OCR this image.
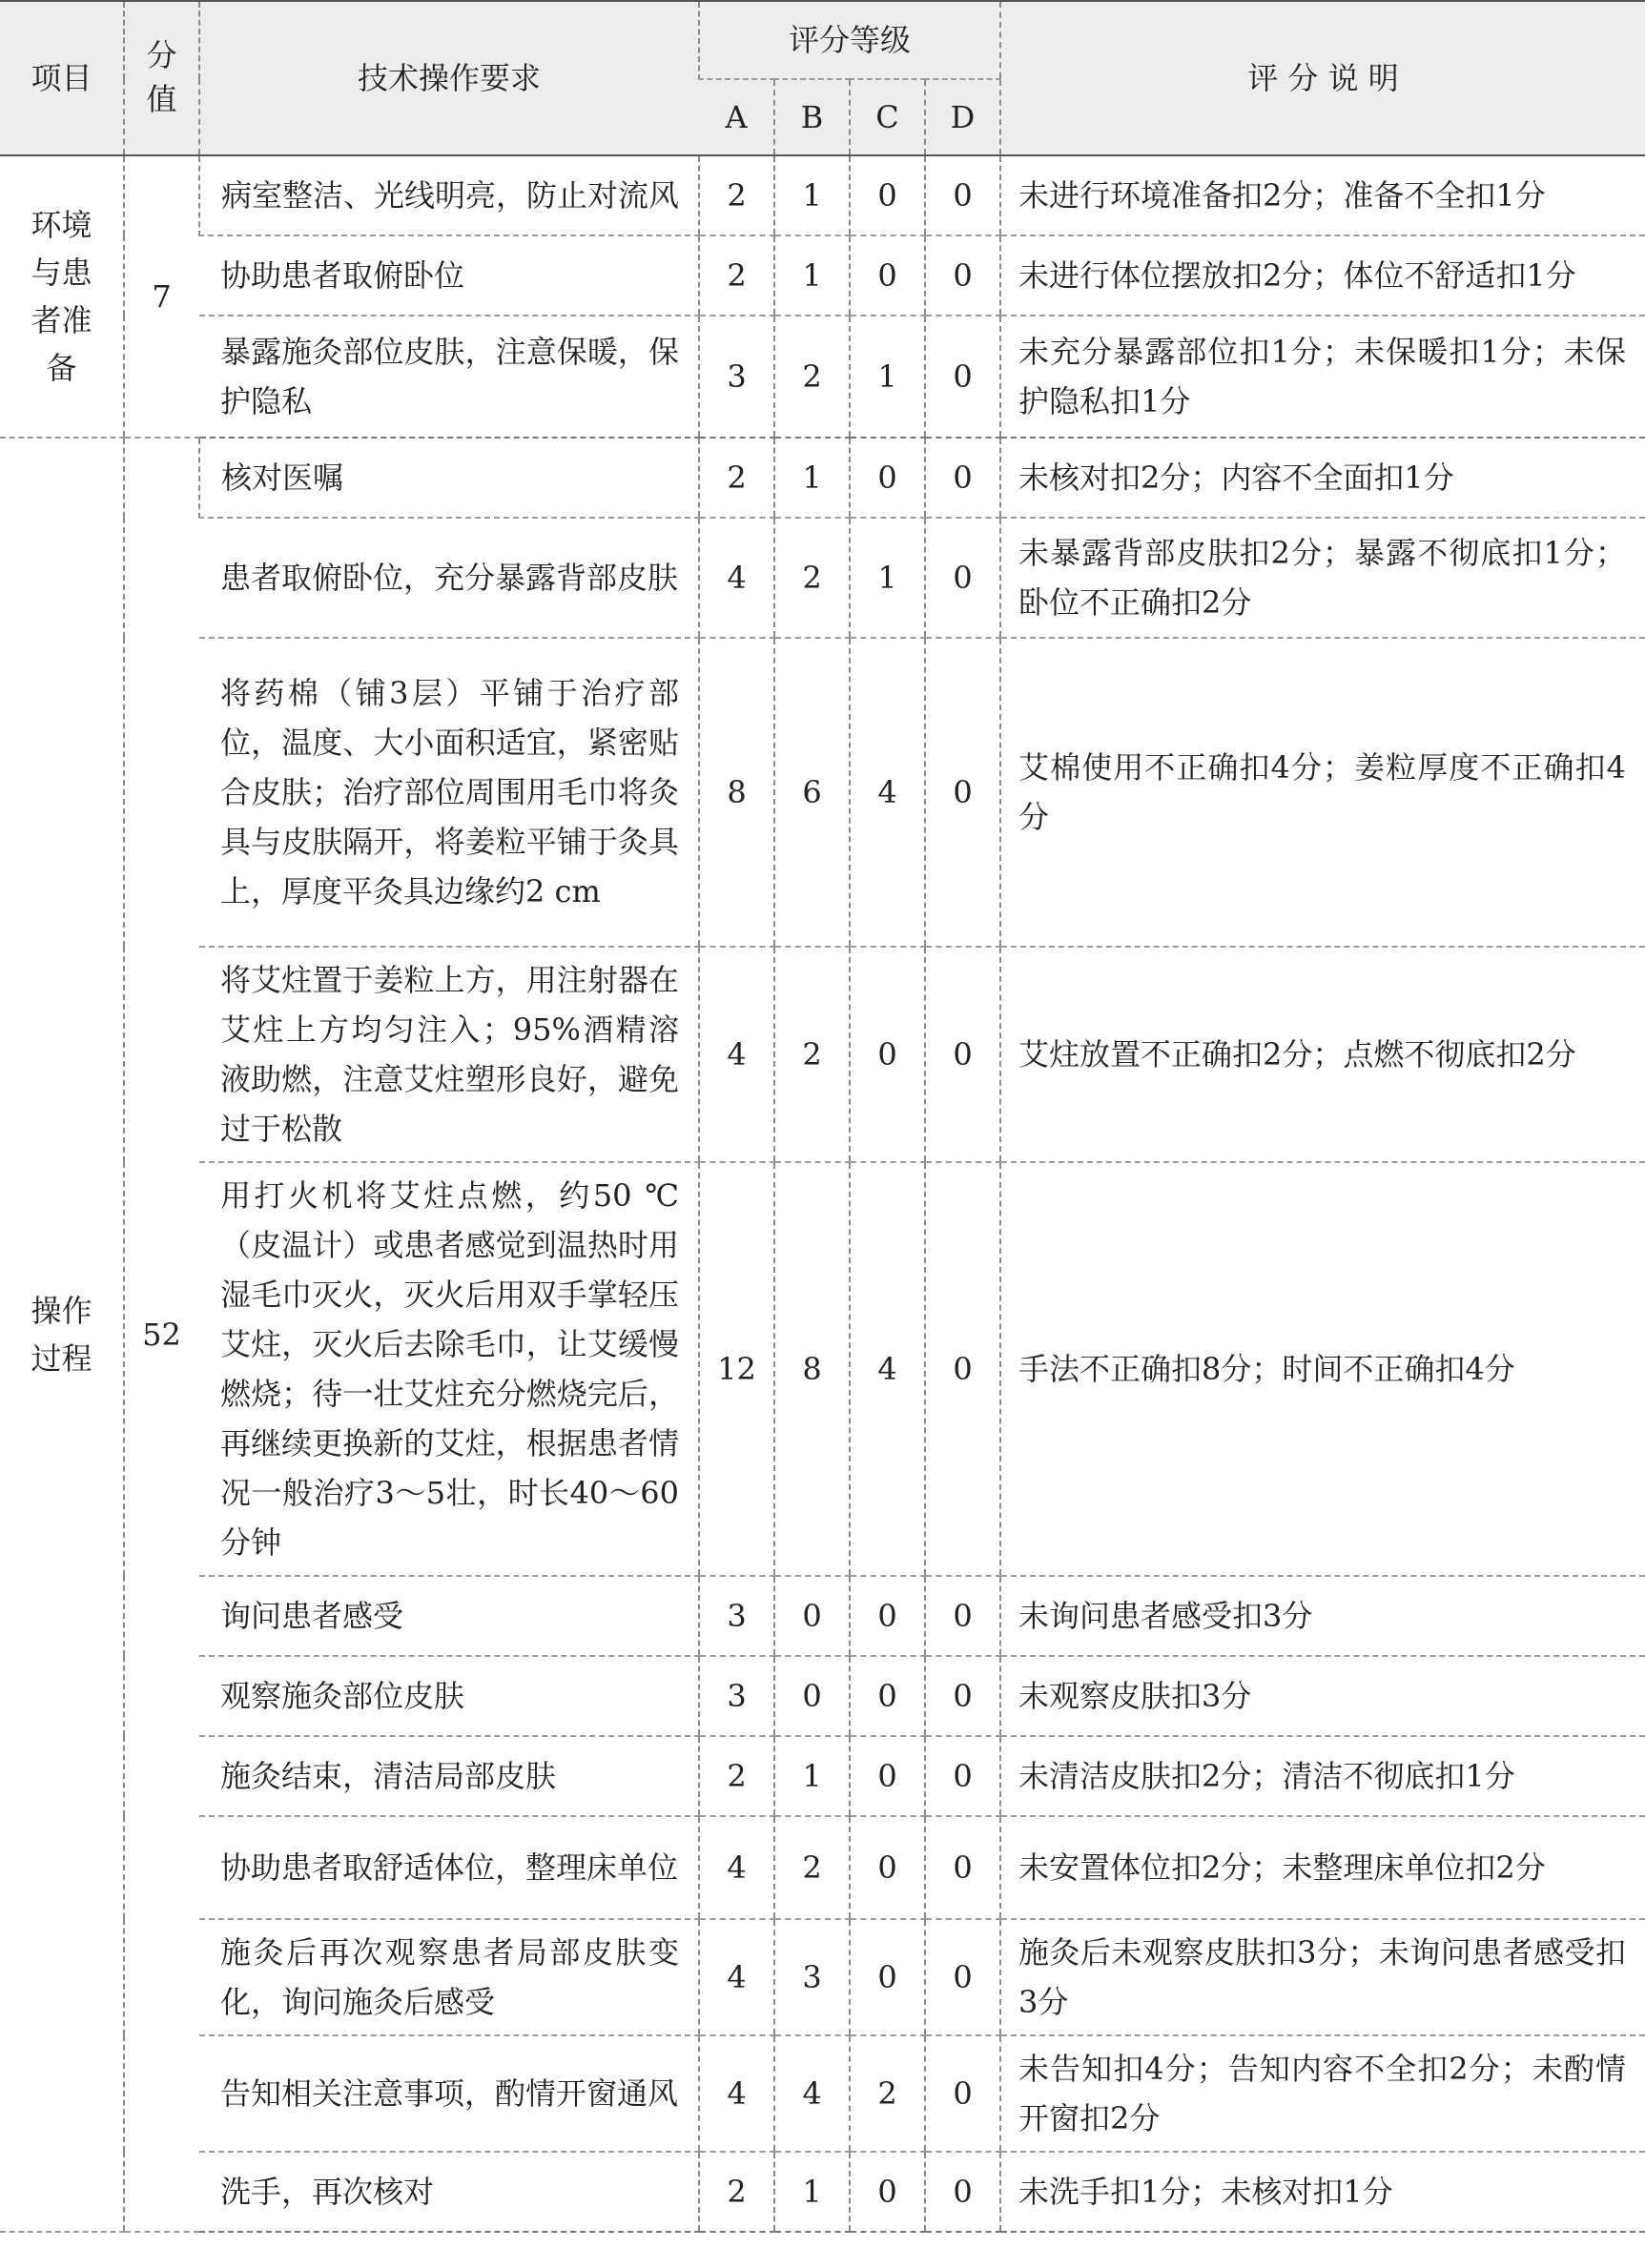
项目	分值	技术操作要求	评分等级				评 分 说 明
			A	B	C	D	
环境与患者准备	7	病室整洁、光线明亮，防止对流风	2	1	0	0	未进行环境准备扣2分；准备不全扣1分
		协助患者取俯卧位	2	1	0	0	未进行体位摆放扣2分；体位不舒适扣1分
		暴露施灸部位皮肤，注意保暖，保护隐私	3	2	1	0	未充分暴露部位扣1分；未保暖扣1分；未保护隐私扣1分
操作过程	52	核对医嘱	2	1	0	0	未核对扣2分；内容不全面扣1分
		患者取俯卧位，充分暴露背部皮肤	4	2	1	0	未暴露背部皮肤扣2分；暴露不彻底扣1分；卧位不正确扣2分
		将药棉（铺3层）平铺于治疗部位，温度、大小面积适宜，紧密贴合皮肤；治疗部位周围用毛巾将灸具与皮肤隔开，将姜粒平铺于灸具上，厚度平灸具边缘约2 cm	8	6	4	0	艾棉使用不正确扣4分；姜粒厚度不正确扣4分
		将艾炷置于姜粒上方，用注射器在艾炷上方均匀注入；95%酒精溶液助燃，注意艾炷塑形良好，避免过于松散	4	2	0	0	艾炷放置不正确扣2分；点燃不彻底扣2分
		用打火机将艾炷点燃，约50 ℃（皮温计）或患者感觉到温热时用湿毛巾灭火，灭火后用双手掌轻压艾炷，灭火后去除毛巾，让艾缓慢燃烧；待一壮艾炷充分燃烧完后，再继续更换新的艾炷，根据患者情况一般治疗3～5壮，时长40～60分钟	12	8	4	0	手法不正确扣8分；时间不正确扣4分
		询问患者感受	3	0	0	0	未询问患者感受扣3分
		观察施灸部位皮肤	3	0	0	0	未观察皮肤扣3分
		施灸结束，清洁局部皮肤	2	1	0	0	未清洁皮肤扣2分；清洁不彻底扣1分
		协助患者取舒适体位，整理床单位	4	2	0	0	未安置体位扣2分；未整理床单位扣2分
		施灸后再次观察患者局部皮肤变化，询问施灸后感受	4	3	0	0	施灸后未观察皮肤扣3分；未询问患者感受扣3分
		告知相关注意事项，酌情开窗通风	4	4	2	0	未告知扣4分；告知内容不全扣2分；未酌情开窗扣2分
		洗手，再次核对	2	1	0	0	未洗手扣1分；未核对扣1分
